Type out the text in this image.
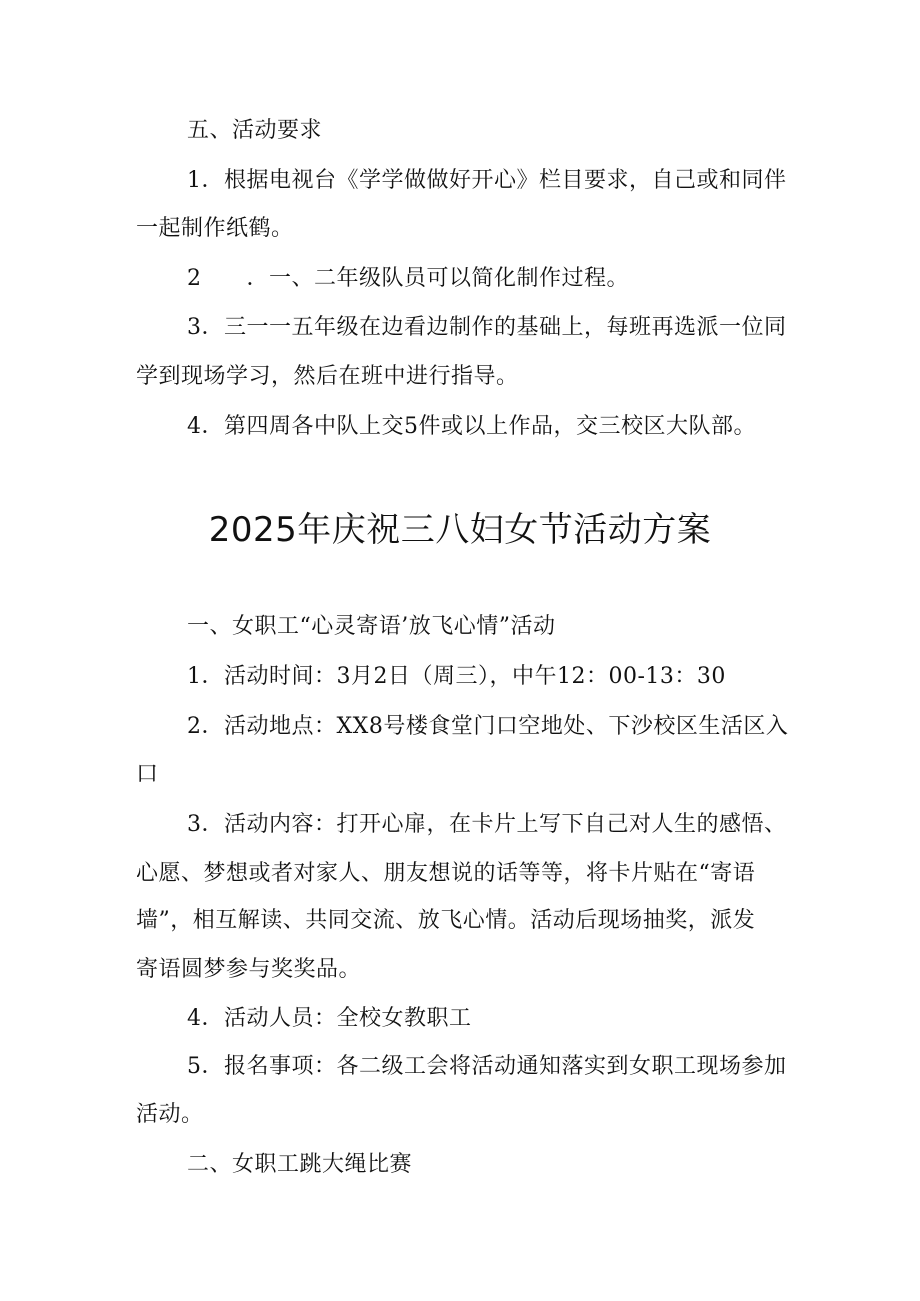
五、活动要求
1．根据电视台《学学做做好开心》栏目要求，自己或和同伴
一起制作纸鹤。
2　　．一、二年级队员可以简化制作过程。
3．三一一五年级在边看边制作的基础上，每班再选派一位同
学到现场学习，然后在班中进行指导。
4．第四周各中队上交5件或以上作品，交三校区大队部。
2025年庆祝三八妇女节活动方案
一、女职工“心灵寄语’放飞心情”活动
1．活动时间：3月2日（周三），中午12：00-13：30
2．活动地点：XX8号楼食堂门口空地处、下沙校区生活区入
口
3．活动内容：打开心扉，在卡片上写下自己对人生的感悟、
心愿、梦想或者对家人、朋友想说的话等等，将卡片贴在“寄语
墙”，相互解读、共同交流、放飞心情。活动后现场抽奖，派发
寄语圆梦参与奖奖品。
4．活动人员：全校女教职工
5．报名事项：各二级工会将活动通知落实到女职工现场参加
活动。
二、女职工跳大绳比赛
